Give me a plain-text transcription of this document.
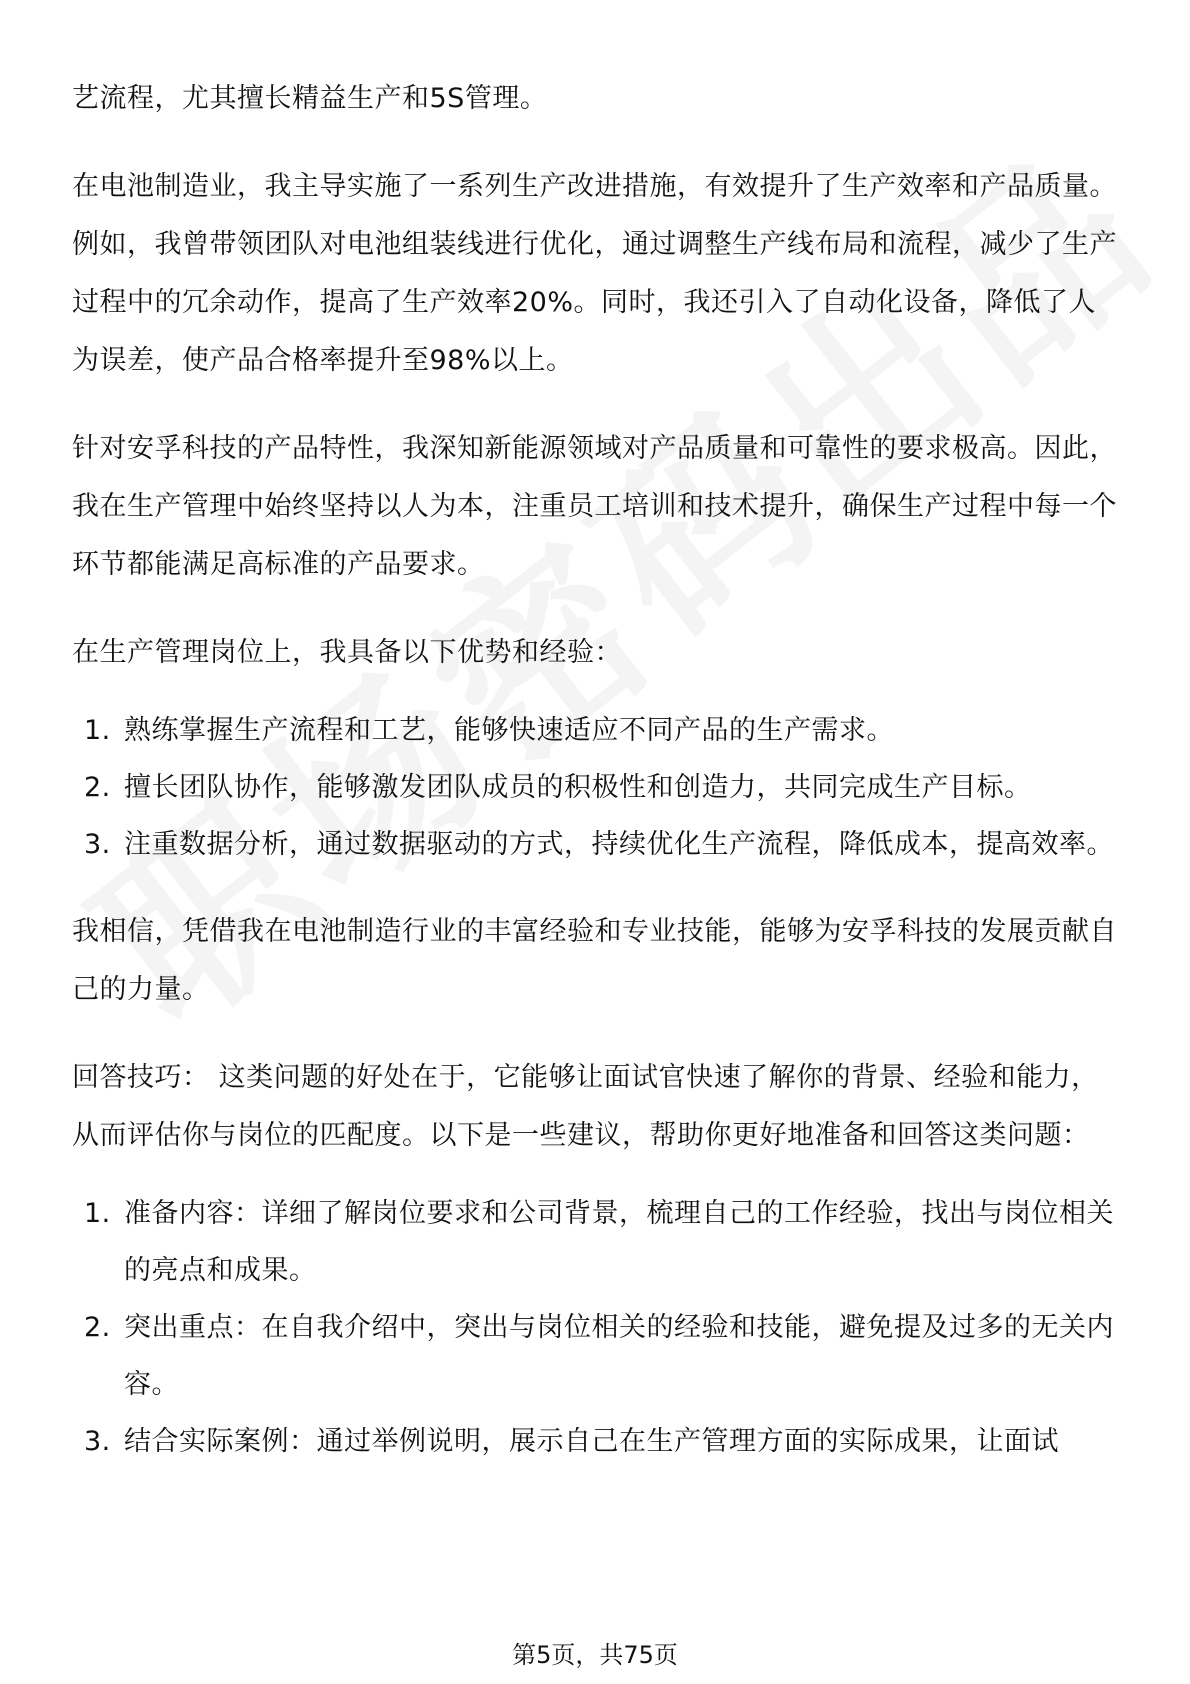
艺流程，尤其擅长精益生产和5S管理。

在电池制造业，我主导实施了一系列生产改进措施，有效提升了生产效率和产品质量。例如，我曾带领团队对电池组装线进行优化，通过调整生产线布局和流程，减少了生产过程中的冗余动作，提高了生产效率20%。同时，我还引入了自动化设备，降低了人为误差，使产品合格率提升至98%以上。

针对安孚科技的产品特性，我深知新能源领域对产品质量和可靠性的要求极高。因此，我在生产管理中始终坚持以人为本，注重员工培训和技术提升，确保生产过程中每一个环节都能满足高标准的产品要求。

在生产管理岗位上，我具备以下优势和经验：

1. 熟练掌握生产流程和工艺，能够快速适应不同产品的生产需求。
2. 擅长团队协作，能够激发团队成员的积极性和创造力，共同完成生产目标。
3. 注重数据分析，通过数据驱动的方式，持续优化生产流程，降低成本，提高效率。

我相信，凭借我在电池制造行业的丰富经验和专业技能，能够为安孚科技的发展贡献自己的力量。

回答技巧： 这类问题的好处在于，它能够让面试官快速了解你的背景、经验和能力，从而评估你与岗位的匹配度。以下是一些建议，帮助你更好地准备和回答这类问题：

1. 准备内容：详细了解岗位要求和公司背景，梳理自己的工作经验，找出与岗位相关的亮点和成果。
2. 突出重点：在自我介绍中，突出与岗位相关的经验和技能，避免提及过多的无关内容。
3. 结合实际案例：通过举例说明，展示自己在生产管理方面的实际成果，让面试
第5页，共75页
